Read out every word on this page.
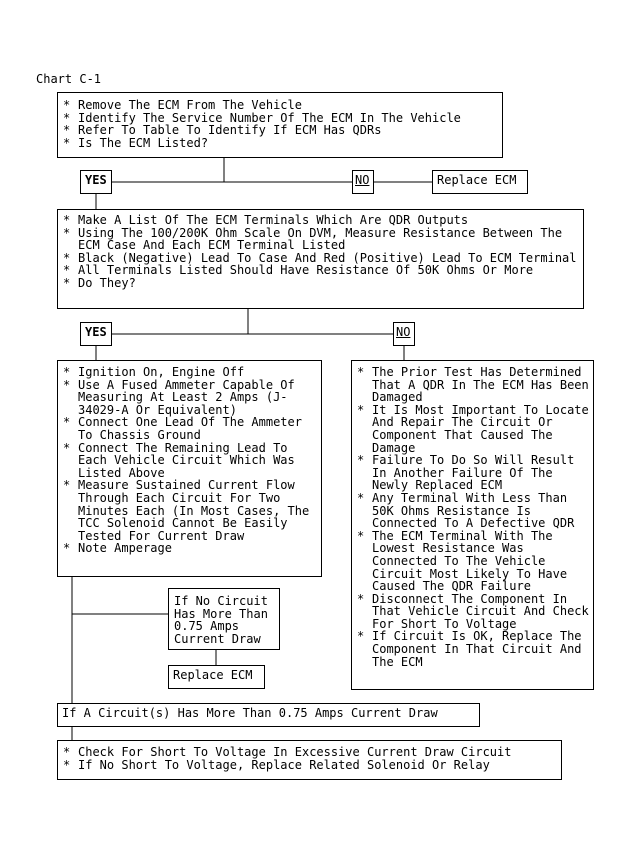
Chart C-1
* Remove The ECM From The Vehicle
* Identify The Service Number Of The ECM In The Vehicle
* Refer To Table To Identify If ECM Has QDRs
* Is The ECM Listed?
YES	NO	Replace ECM
* Make A List Of The ECM Terminals Which Are QDR Outputs
* Using The 100/200K Ohm Scale On DVM, Measure Resistance Between The ECM Case And Each ECM Terminal Listed
* Black (Negative) Lead To Case And Red (Positive) Lead To ECM Terminal
* All Terminals Listed Should Have Resistance Of 50K Ohms Or More
* Do They?
YES	NO
* Ignition On, Engine Off
* Use A Fused Ammeter Capable Of Measuring At Least 2 Amps (J-34029-A Or Equivalent)
* Connect One Lead Of The Ammeter To Chassis Ground
* Connect The Remaining Lead To Each Vehicle Circuit Which Was Listed Above
* Measure Sustained Current Flow Through Each Circuit For Two Minutes Each (In Most Cases, The TCC Solenoid Cannot Be Easily Tested For Current Draw
* Note Amperage
* The Prior Test Has Determined That A QDR In The ECM Has Been Damaged
* It Is Most Important To Locate And Repair The Circuit Or Component That Caused The Damage
* Failure To Do So Will Result In Another Failure Of The Newly Replaced ECM
* Any Terminal With Less Than 50K Ohms Resistance Is Connected To A Defective QDR
* The ECM Terminal With The Lowest Resistance Was Connected To The Vehicle Circuit Most Likely To Have Caused The QDR Failure
* Disconnect The Component In That Vehicle Circuit And Check For Short To Voltage
* If Circuit Is OK, Replace The Component In That Circuit And The ECM
If No Circuit Has More Than 0.75 Amps Current Draw
Replace ECM
If A Circuit(s) Has More Than 0.75 Amps Current Draw
* Check For Short To Voltage In Excessive Current Draw Circuit
* If No Short To Voltage, Replace Related Solenoid Or Relay
